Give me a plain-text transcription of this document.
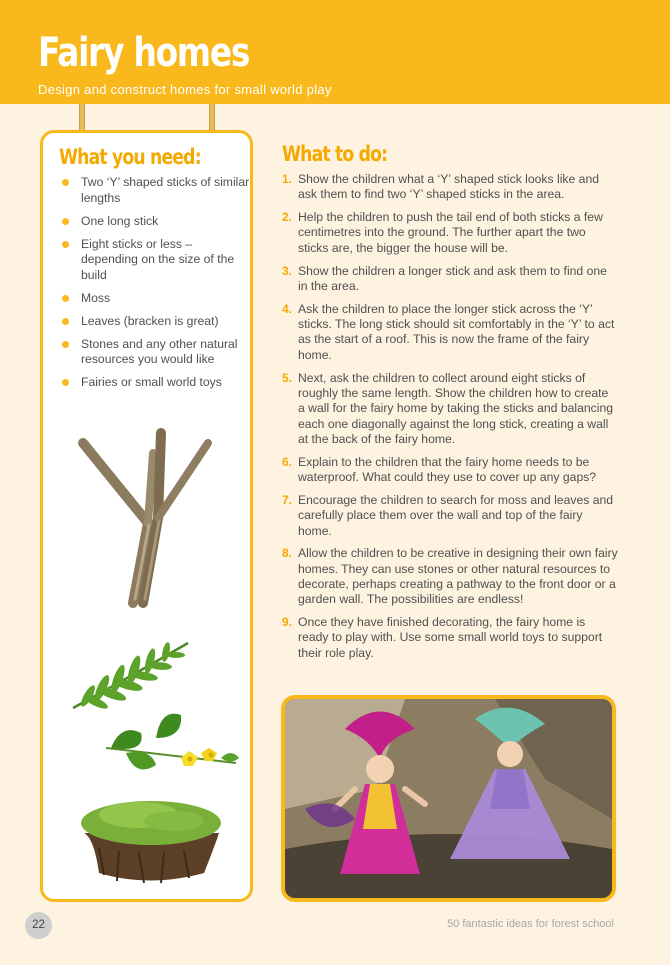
Fairy homes
Design and construct homes for small world play
What you need:
Two ‘Y’ shaped sticks of similar lengths
One long stick
Eight sticks or less – depending on the size of the build
Moss
Leaves (bracken is great)
Stones and any other natural resources you would like
Fairies or small world toys
What to do:
1. Show the children what a ‘Y’ shaped stick looks like and ask them to find two ‘Y’ shaped sticks in the area.
2. Help the children to push the tail end of both sticks a few centimetres into the ground. The further apart the two sticks are, the bigger the house will be.
3. Show the children a longer stick and ask them to find one in the area.
4. Ask the children to place the longer stick across the ‘Y’ sticks. The long stick should sit comfortably in the ‘Y’ to act as the start of a roof. This is now the frame of the fairy home.
5. Next, ask the children to collect around eight sticks of roughly the same length. Show the children how to create a wall for the fairy home by taking the sticks and balancing each one diagonally against the long stick, creating a wall at the back of the fairy home.
6. Explain to the children that the fairy home needs to be waterproof. What could they use to cover up any gaps?
7. Encourage the children to search for moss and leaves and carefully place them over the wall and top of the fairy home.
8. Allow the children to be creative in designing their own fairy homes. They can use stones or other natural resources to decorate, perhaps creating a pathway to the front door or a garden wall. The possibilities are endless!
9. Once they have finished decorating, the fairy home is ready to play with. Use some small world toys to support their role play.
22	50 fantastic ideas for forest school
